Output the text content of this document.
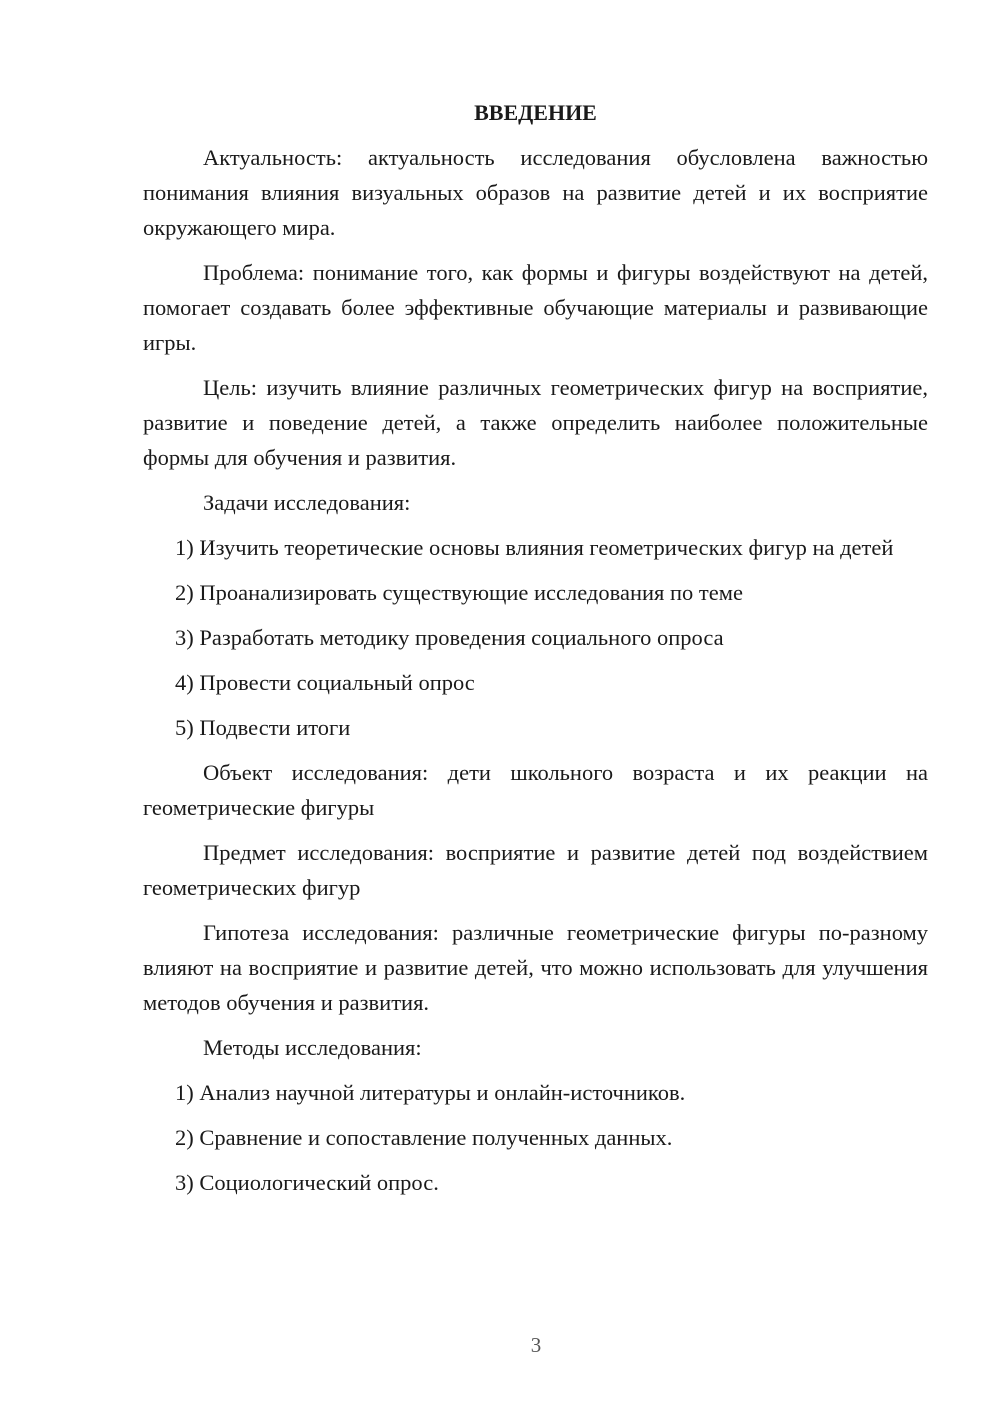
ВВЕДЕНИЕ

Актуальность: актуальность исследования обусловлена важностью понимания влияния визуальных образов на развитие детей и их восприятие окружающего мира.

Проблема: понимание того, как формы и фигуры воздействуют на детей, помогает создавать более эффективные обучающие материалы и развивающие игры.

Цель: изучить влияние различных геометрических фигур на восприятие, развитие и поведение детей, а также определить наиболее положительные формы для обучения и развития.

Задачи исследования:

1) Изучить теоретические основы влияния геометрических фигур на детей

2) Проанализировать существующие исследования по теме

3) Разработать методику проведения социального опроса

4) Провести социальный опрос

5) Подвести итоги

Объект исследования: дети школьного возраста и их реакции на геометрические фигуры

Предмет исследования: восприятие и развитие детей под воздействием геометрических фигур

Гипотеза исследования: различные геометрические фигуры по-разному влияют на восприятие и развитие детей, что можно использовать для улучшения методов обучения и развития.

Методы исследования:

1) Анализ научной литературы и онлайн-источников.

2) Сравнение и сопоставление полученных данных.

3) Социологический опрос.

3
